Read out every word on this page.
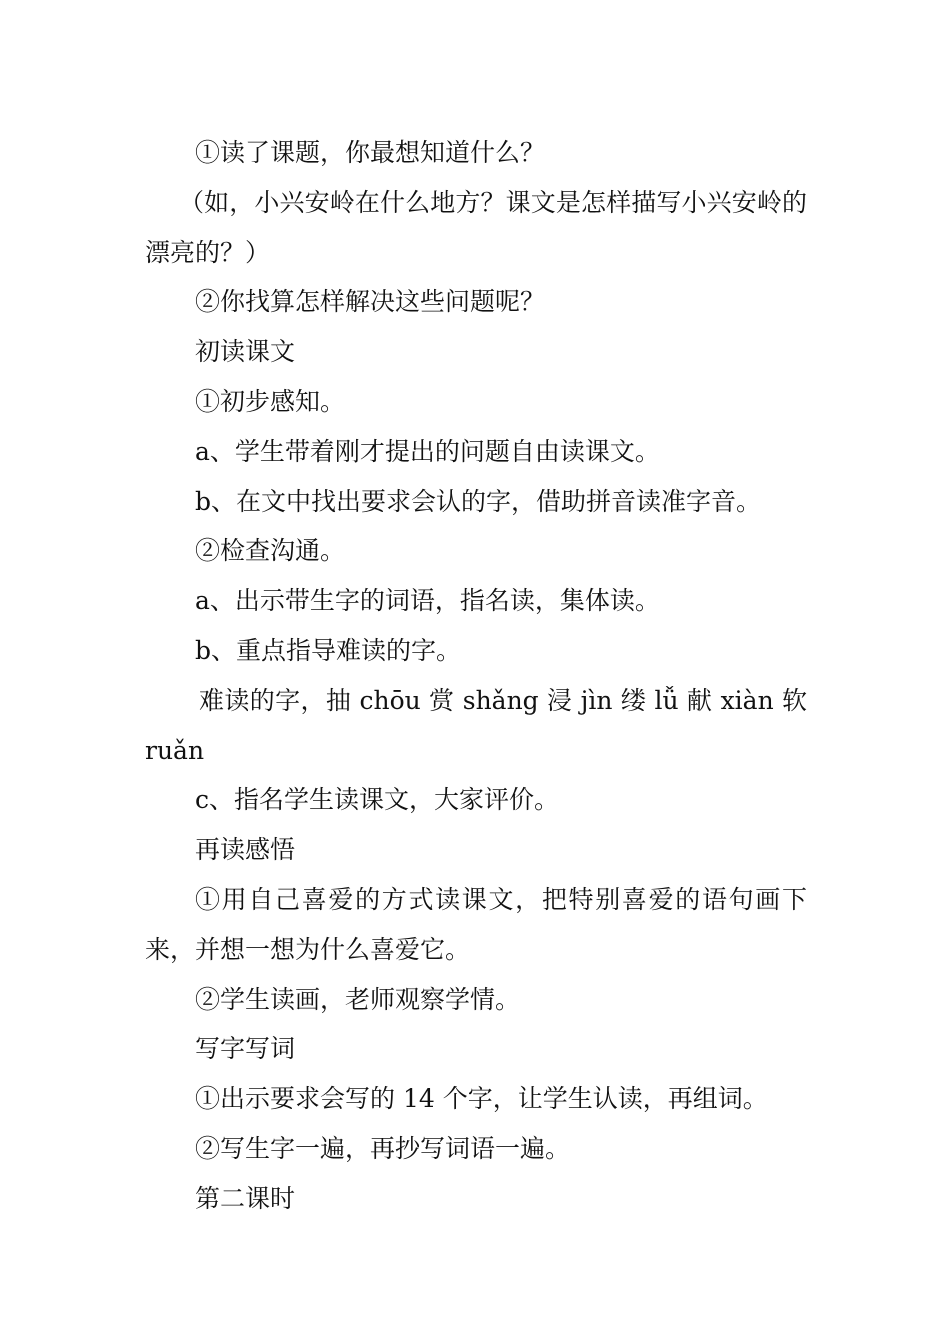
①读了课题，你最想知道什么？

（如，小兴安岭在什么地方？课文是怎样描写小兴安岭的漂亮的？）

②你找算怎样解决这些问题呢？

初读课文

①初步感知。

a、学生带着刚才提出的问题自由读课文。

b、在文中找出要求会认的字，借助拼音读准字音。

②检查沟通。

a、出示带生字的词语，指名读，集体读。

b、重点指导难读的字。

难读的字，抽 chōu 赏 shǎng 浸 jìn 缕 lǚ 献 xiàn 软 ruǎn

c、指名学生读课文，大家评价。

再读感悟

①用自己喜爱的方式读课文，把特别喜爱的语句画下来，并想一想为什么喜爱它。

②学生读画，老师观察学情。

写字写词

①出示要求会写的 14 个字，让学生认读，再组词。

②写生字一遍，再抄写词语一遍。

第二课时
